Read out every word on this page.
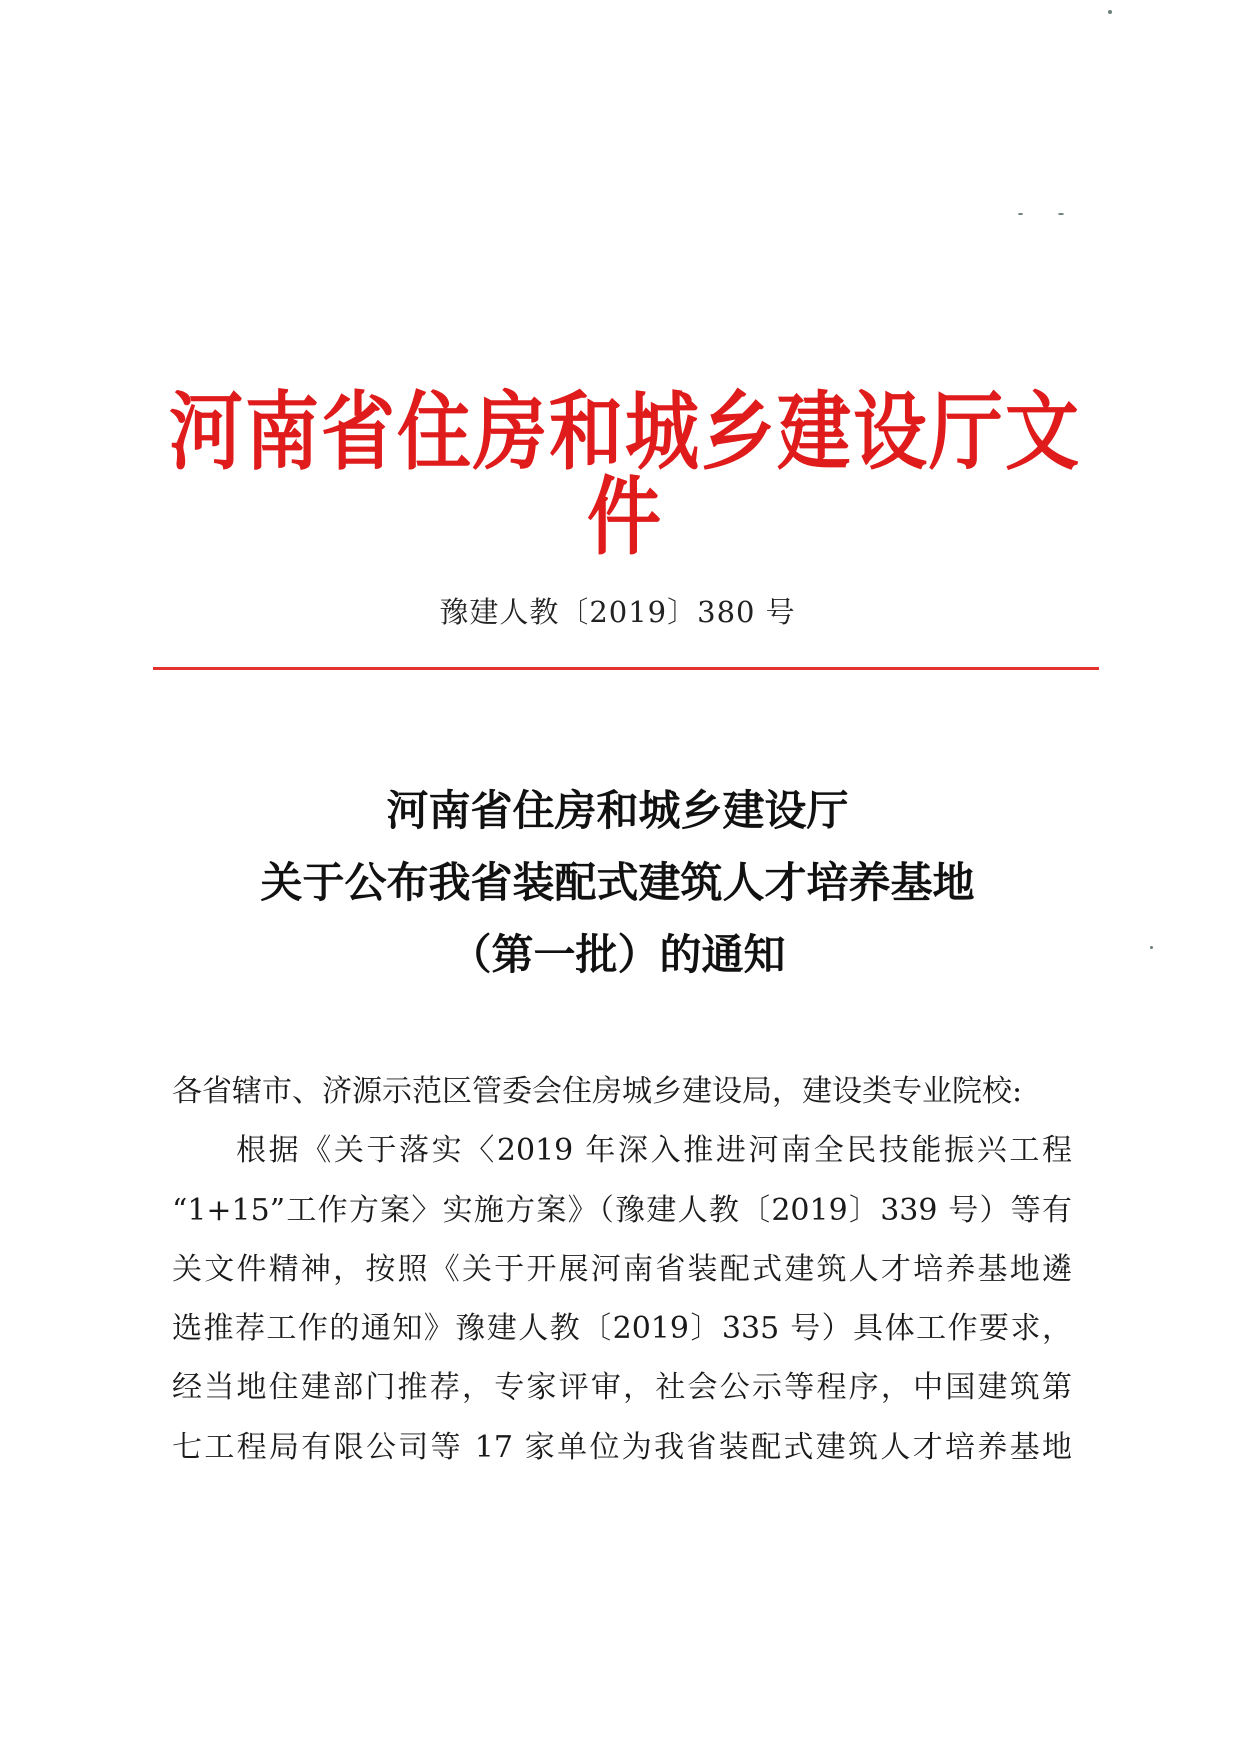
河南省住房和城乡建设厅文件
豫建人教〔2019〕380 号
河南省住房和城乡建设厅
关于公布我省装配式建筑人才培养基地
（第一批）的通知
各省辖市、济源示范区管委会住房城乡建设局，建设类专业院校:
根据《关于落实〈2019 年深入推进河南全民技能振兴工程
“1+15”工作方案〉实施方案》（豫建人教〔2019〕339 号）等有
关文件精神，按照《关于开展河南省装配式建筑人才培养基地遴
选推荐工作的通知》豫建人教〔2019〕335 号）具体工作要求，
经当地住建部门推荐，专家评审，社会公示等程序，中国建筑第
七工程局有限公司等 17 家单位为我省装配式建筑人才培养基地
